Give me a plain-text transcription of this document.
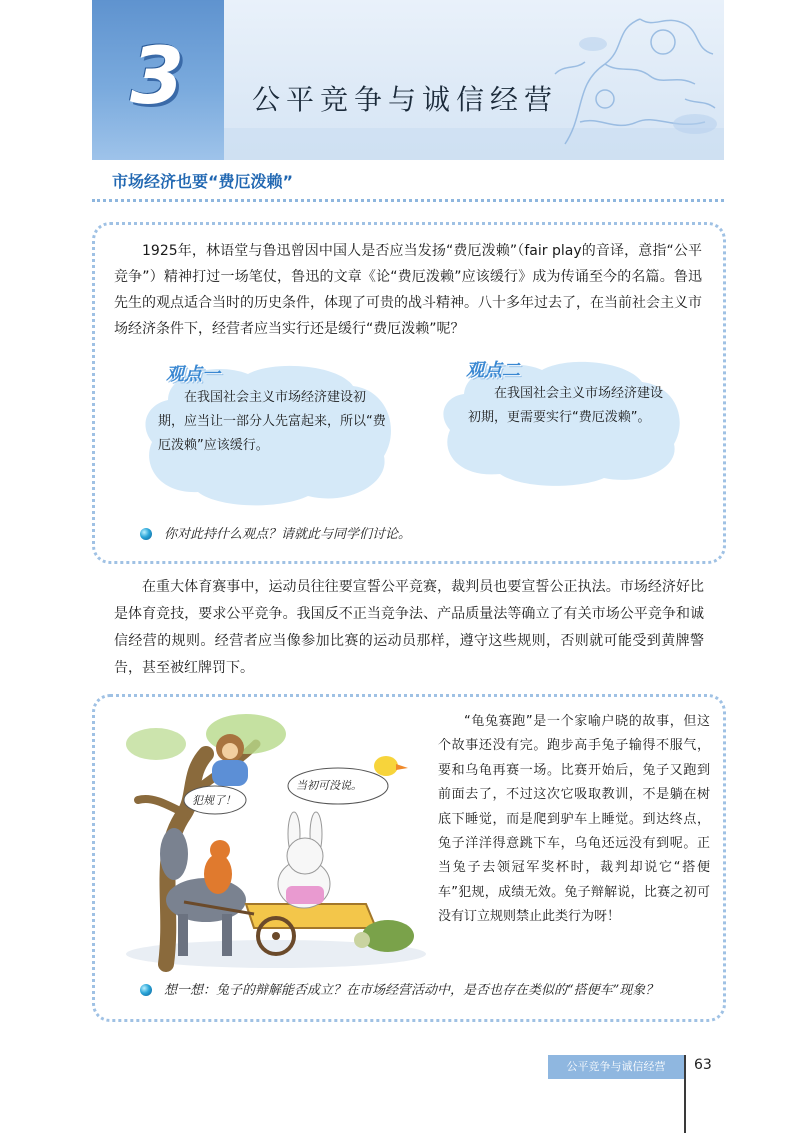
3 公平竞争与诚信经营
市场经济也要“费厄泼赖”

1925年，林语堂与鲁迅曾因中国人是否应当发扬“费厄泼赖”（fair play的音译，意指“公平竞争”）精神打过一场笔仗，鲁迅的文章《论“费厄泼赖”应该缓行》成为传诵至今的名篇。鲁迅先生的观点适合当时的历史条件，体现了可贵的战斗精神。八十多年过去了，在当前社会主义市场经济条件下，经营者应当实行还是缓行“费厄泼赖”呢？

观点一

在我国社会主义市场经济建设初期，应当让一部分人先富起来，所以“费厄泼赖”应该缓行。

观点二

在我国社会主义市场经济建设初期，更需要实行“费厄泼赖”。

你对此持什么观点？请就此与同学们讨论。

在重大体育赛事中，运动员往往要宣誓公平竞赛，裁判员也要宣誓公正执法。市场经济好比是体育竞技，要求公平竞争。我国反不正当竞争法、产品质量法等确立了有关市场公平竞争和诚信经营的规则。经营者应当像参加比赛的运动员那样，遵守这些规则，否则就可能受到黄牌警告，甚至被红牌罚下。

犯规了！
当初可没说。

“龟兔赛跑”是一个家喻户晓的故事，但这个故事还没有完。跑步高手兔子输得不服气，要和乌龟再赛一场。比赛开始后，兔子又跑到前面去了，不过这次它吸取教训，不是躺在树底下睡觉，而是爬到驴车上睡觉。到达终点，兔子洋洋得意跳下车，乌龟还远没有到呢。正当兔子去领冠军奖杯时，裁判却说它“搭便车”犯规，成绩无效。兔子辩解说，比赛之初可没有订立规则禁止此类行为呀！

想一想：兔子的辩解能否成立？在市场经营活动中，是否也存在类似的“搭便车”现象？
公平竞争与诚信经营	63
